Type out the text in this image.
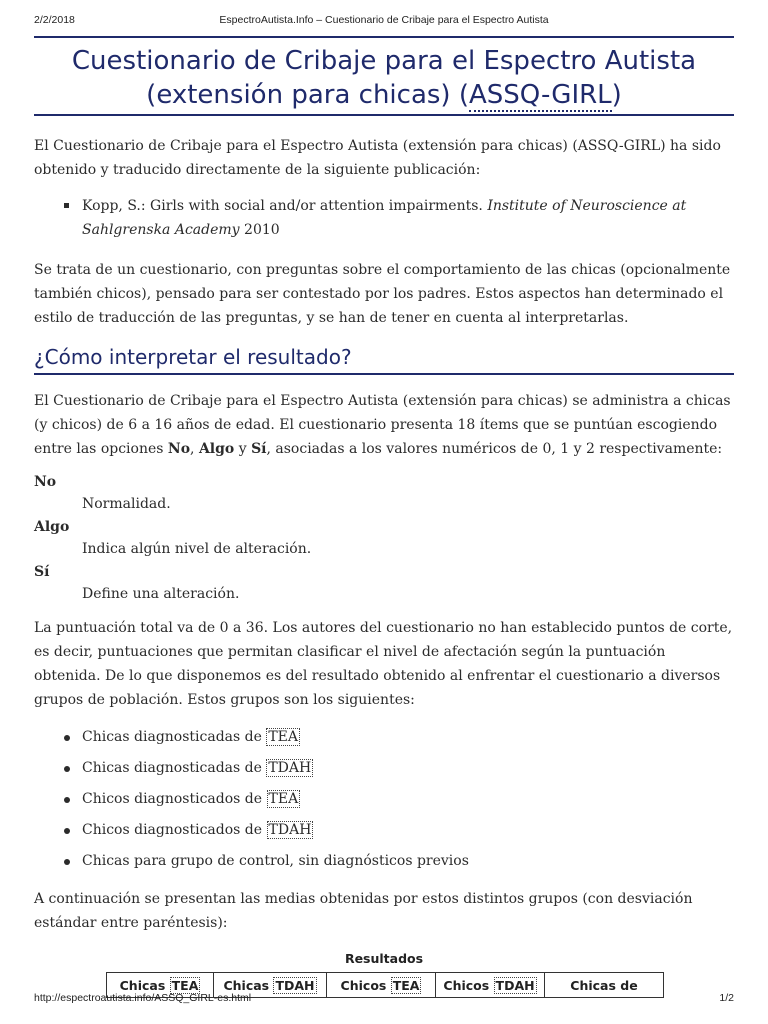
2/2/2018	EspectroAutista.Info – Cuestionario de Cribaje para el Espectro Autista
Cuestionario de Cribaje para el Espectro Autista
(extensión para chicas) (ASSQ-GIRL)

El Cuestionario de Cribaje para el Espectro Autista (extensión para chicas) (ASSQ-GIRL) ha sido obtenido y traducido directamente de la siguiente publicación:

Kopp, S.: Girls with social and/or attention impairments. Institute of Neuroscience at Sahlgrenska Academy 2010

Se trata de un cuestionario, con preguntas sobre el comportamiento de las chicas (opcionalmente también chicos), pensado para ser contestado por los padres. Estos aspectos han determinado el estilo de traducción de las preguntas, y se han de tener en cuenta al interpretarlas.

¿Cómo interpretar el resultado?

El Cuestionario de Cribaje para el Espectro Autista (extensión para chicas) se administra a chicas (y chicos) de 6 a 16 años de edad. El cuestionario presenta 18 ítems que se puntúan escogiendo entre las opciones No, Algo y Sí, asociadas a los valores numéricos de 0, 1 y 2 respectivamente:

No
Normalidad.
Algo
Indica algún nivel de alteración.
Sí
Define una alteración.

La puntuación total va de 0 a 36. Los autores del cuestionario no han establecido puntos de corte, es decir, puntuaciones que permitan clasificar el nivel de afectación según la puntuación obtenida. De lo que disponemos es del resultado obtenido al enfrentar el cuestionario a diversos grupos de población. Estos grupos son los siguientes:

Chicas diagnosticadas de TEA
Chicas diagnosticadas de TDAH
Chicos diagnosticados de TEA
Chicos diagnosticados de TDAH
Chicas para grupo de control, sin diagnósticos previos

A continuación se presentan las medias obtenidas por estos distintos grupos (con desviación estándar entre paréntesis):

Resultados
Chicas TEA	Chicas TDAH	Chicos TEA	Chicos TDAH	Chicas de
http://espectroautista.info/ASSQ_GIRL-es.html	1/2
